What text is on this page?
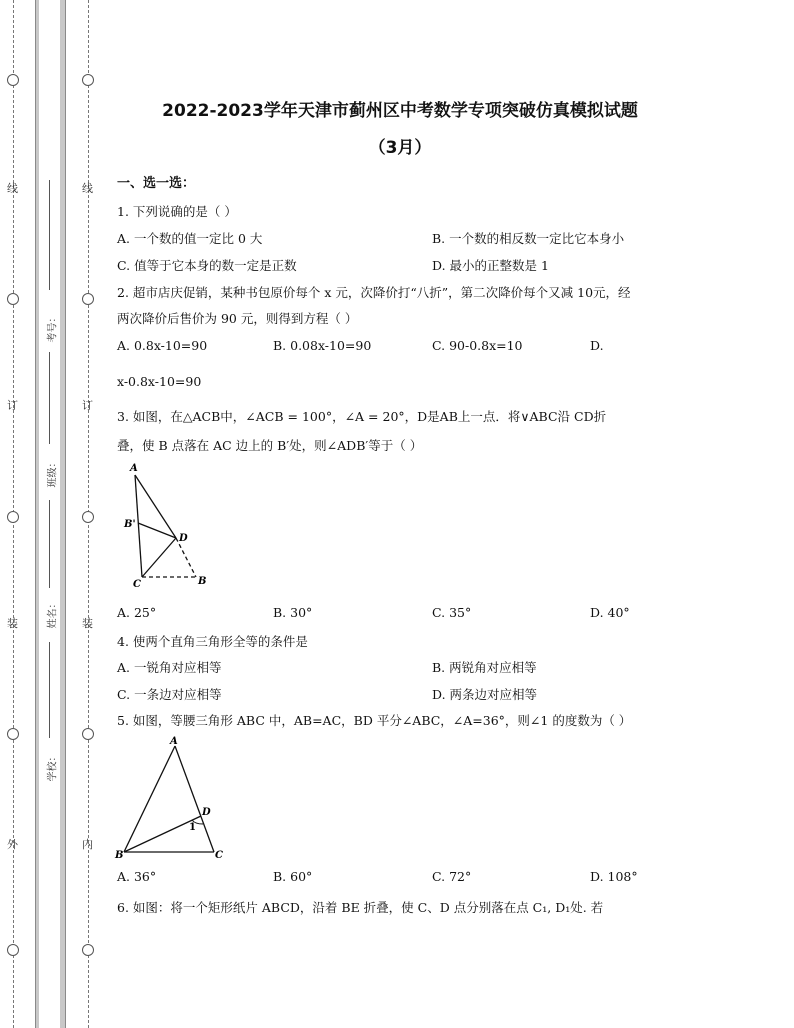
线
订
装
外
线
订
装
内
考号：
班级：
姓名：
学校：
2022-2023学年天津市蓟州区中考数学专项突破仿真模拟试题
（3月）
一、选一选：
1. 下列说确的是（ ）
A. 一个数的值一定比 0 大	B. 一个数的相反数一定比它本身小
C. 值等于它本身的数一定是正数	D. 最小的正整数是 1
2. 超市店庆促销，某种书包原价每个 x 元，次降价打“八折”，第二次降价每个又减 10元，经
两次降价后售价为 90 元，则得到方程（ ）
A. 0.8x-10=90	B. 0.08x-10=90	C. 90-0.8x=10	D.
x-0.8x-10=90
3. 如图，在△ACB中，∠ACB = 100°，∠A = 20°，D是AB上一点．将∨ABC沿 CD折
叠，使 B 点落在 AC 边上的 B′处，则∠ADB′等于（ ）
A
B'
D
C	B
A. 25°	B. 30°	C. 35°	D. 40°
4. 使两个直角三角形全等的条件是
A. 一锐角对应相等	B. 两锐角对应相等
C. 一条边对应相等	D. 两条边对应相等
5. 如图，等腰三角形 ABC 中，AB=AC，BD 平分∠ABC，∠A=36°，则∠1 的度数为（ ）
A
D
1
B	C
A. 36°	B. 60°	C. 72°	D. 108°
6. 如图：将一个矩形纸片 ABCD，沿着 BE 折叠，使 C、D 点分别落在点 C₁, D₁处. 若
